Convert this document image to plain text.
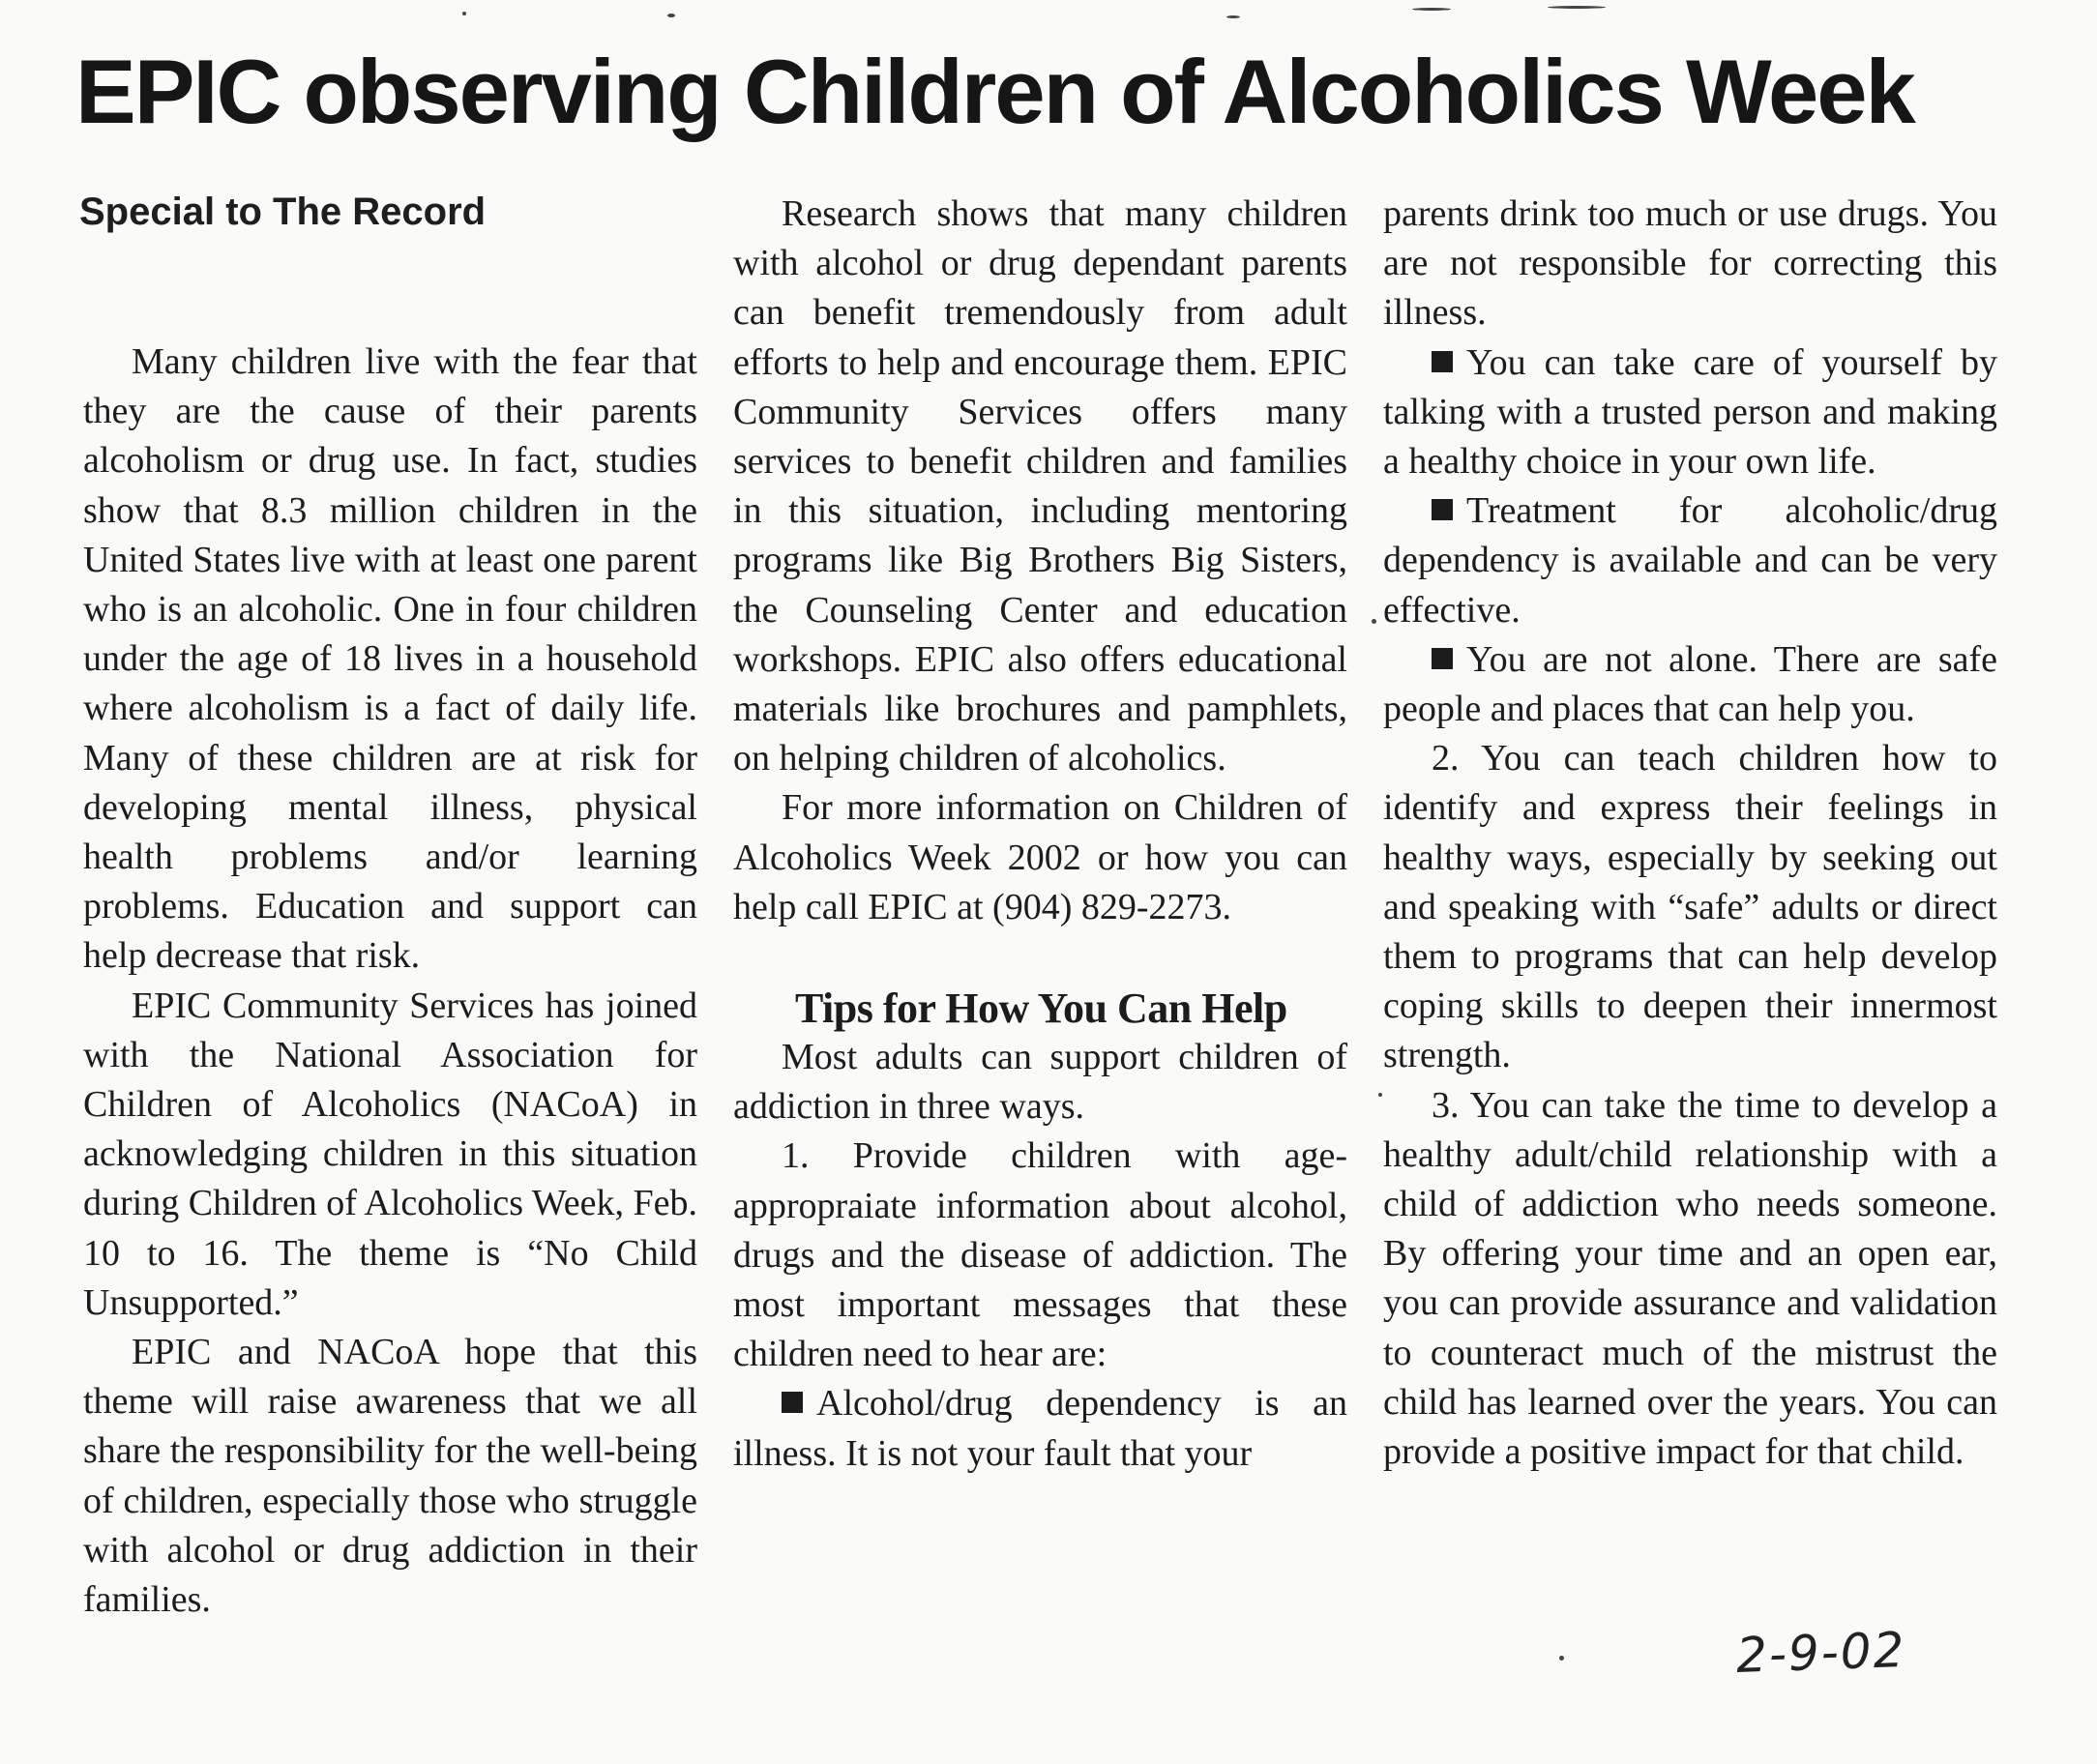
EPIC observing Children of Alcoholics Week
Special to The Record

Many children live with the fear that they are the cause of their parents alcoholism or drug use. In fact, studies show that 8.3 million children in the United States live with at least one parent who is an alcoholic. One in four children under the age of 18 lives in a household where alcoholism is a fact of daily life. Many of these children are at risk for developing mental illness, physical health problems and/or learning problems. Education and support can help decrease that risk.

EPIC Community Services has joined with the National Association for Children of Alcoholics (NACoA) in acknowledging children in this situation during Children of Alcoholics Week, Feb. 10 to 16. The theme is “No Child Unsupported.”

EPIC and NACoA hope that this theme will raise awareness that we all share the responsibility for the well-being of children, especially those who struggle with alcohol or drug addiction in their families.

Research shows that many children with alcohol or drug dependant parents can benefit tremendously from adult efforts to help and encourage them. EPIC Community Services offers many services to benefit children and families in this situation, including mentoring programs like Big Brothers Big Sisters, the Counseling Center and education workshops. EPIC also offers educational materials like brochures and pamphlets, on helping children of alcoholics.

For more information on Children of Alcoholics Week 2002 or how you can help call EPIC at (904) 829-2273.

Tips for How You Can Help

Most adults can support children of addiction in three ways.

1. Provide children with age-appropraiate information about alcohol, drugs and the disease of addiction. The most important messages that these children need to hear are:

Alcohol/drug dependency is an illness. It is not your fault that your

parents drink too much or use drugs. You are not responsible for correcting this illness.

You can take care of yourself by talking with a trusted person and making a healthy choice in your own life.

Treatment for alcoholic/drug dependency is available and can be very effective.

You are not alone. There are safe people and places that can help you.

2. You can teach children how to identify and express their feelings in healthy ways, especially by seeking out and speaking with “safe” adults or direct them to programs that can help develop coping skills to deepen their innermost strength.

3. You can take the time to develop a healthy adult/child relationship with a child of addiction who needs someone. By offering your time and an open ear, you can provide assurance and validation to counteract much of the mistrust the child has learned over the years. You can provide a positive impact for that child.

2-9-02
